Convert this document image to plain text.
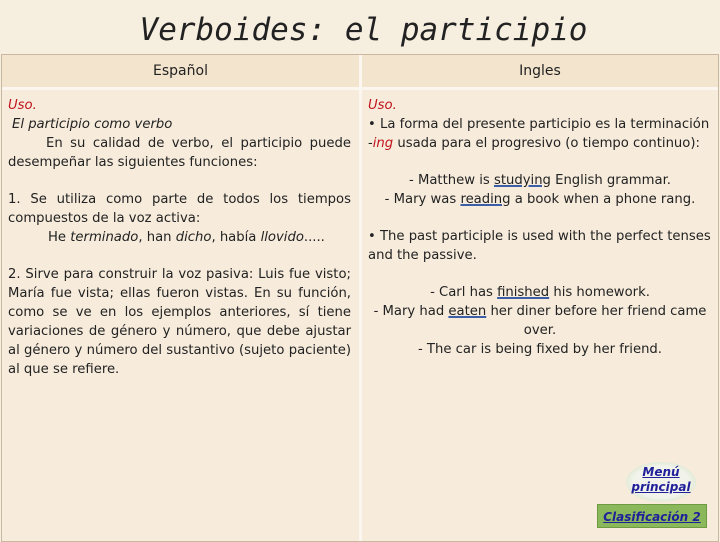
Verboides: el participio
Español

Uso.

El participio como verbo

En su calidad de verbo, el participio puede desempeñar las siguientes funciones:

1. Se utiliza como parte de todos los tiempos compuestos de la voz activa:

He terminado, han dicho, había llovido.....

2. Sirve para construir la voz pasiva: Luis fue visto; María fue vista; ellas fueron vistas. En su función, como se ve en los ejemplos anteriores, sí tiene variaciones de género y número, que debe ajustar al género y número del sustantivo (sujeto paciente) al que se refiere.

Ingles

Uso.

• La forma del presente participio es la terminación -ing usada para el progresivo (o tiempo continuo):

- Matthew is studying English grammar.

- Mary was reading a book when a phone rang.

• The past participle is used with the perfect tenses and the passive.

- Carl has finished his homework.

- Mary had eaten her diner before her friend came over.

- The car is being fixed by her friend.

Menú principal
Clasificación 2
